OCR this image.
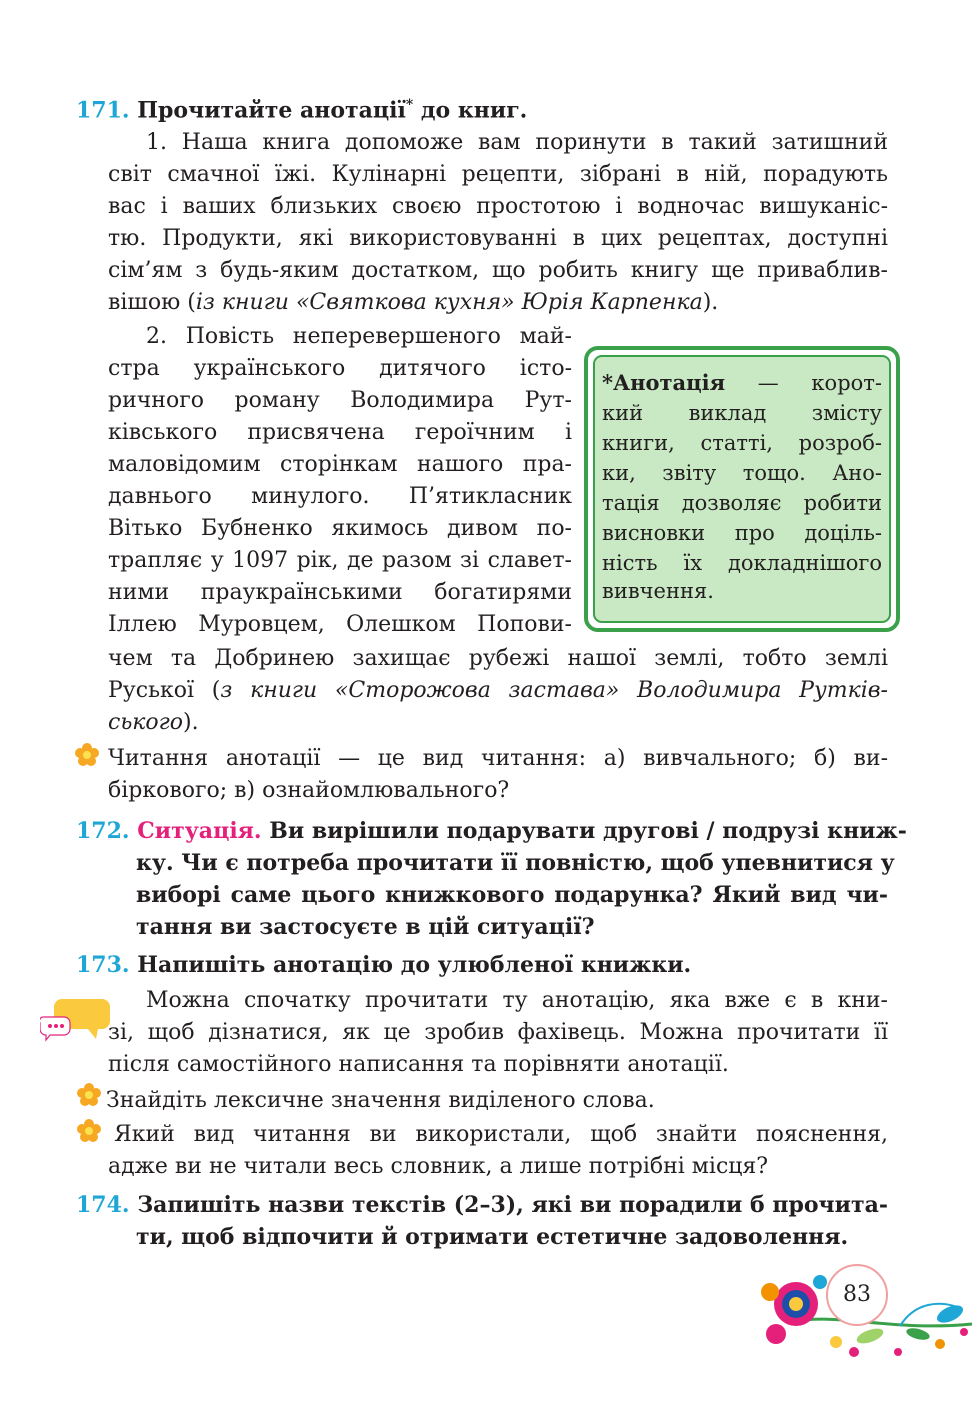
171. Прочитайте анотації* до книг.
1. Наша книга допоможе вам поринути в такий затишний
світ смачної їжі. Кулінарні рецепти, зібрані в ній, порадують
вас і ваших близьких своєю простотою і водночас вишуканіс-
тю. Продукти, які використовуванні в цих рецептах, доступні
сім’ям з будь-яким достатком, що робить книгу ще приваблив-
вішою (із книги «Святкова кухня» Юрія Карпенка).
2. Повість неперевершеного май-
стра українського дитячого істо-
ричного роману Володимира Рут-
ківського присвячена героїчним і
маловідомим сторінкам нашого пра-
давнього минулого. П’ятикласник
Вітько Бубненко якимось дивом по-
трапляє у 1097 рік, де разом зі славет-
ними праукраїнськими богатирями
Іллею Муровцем, Олешком Попови-
чем та Добринею захищає рубежі нашої землі, тобто землі
Руської (з книги «Сторожова застава» Володимира Руткiв-
ського).
*Анотація — корот-
кий виклад змісту
книги, статті, розроб-
ки, звіту тощо. Ано-
тація дозволяє робити
висновки про доціль-
ність їх докладнішого
вивчення.
Читання анотації — це вид читання: а) вивчального; б) ви-
біркового; в) ознайомлювального?
172. Ситуація. Ви вирішили подарувати другові / подрузі книж-
ку. Чи є потреба прочитати її повністю, щоб упевнитися у
виборі саме цього книжкового подарунка? Який вид чи-
тання ви застосуєте в цій ситуації?
173. Напишіть анотацію до улюбленої книжки.
Можна спочатку прочитати ту анотацію, яка вже є в кни-
зі, щоб дізнатися, як це зробив фахівець. Можна прочитати її
після самостійного написання та порівняти анотації.
Знайдіть лексичне значення виділеного слова.
Який вид читання ви використали, щоб знайти пояснення,
адже ви не читали весь словник, а лише потрібні місця?
174. Запишіть назви текстів (2–3), які ви порадили б прочита-
ти, щоб відпочити й отримати естетичне задоволення.
83
